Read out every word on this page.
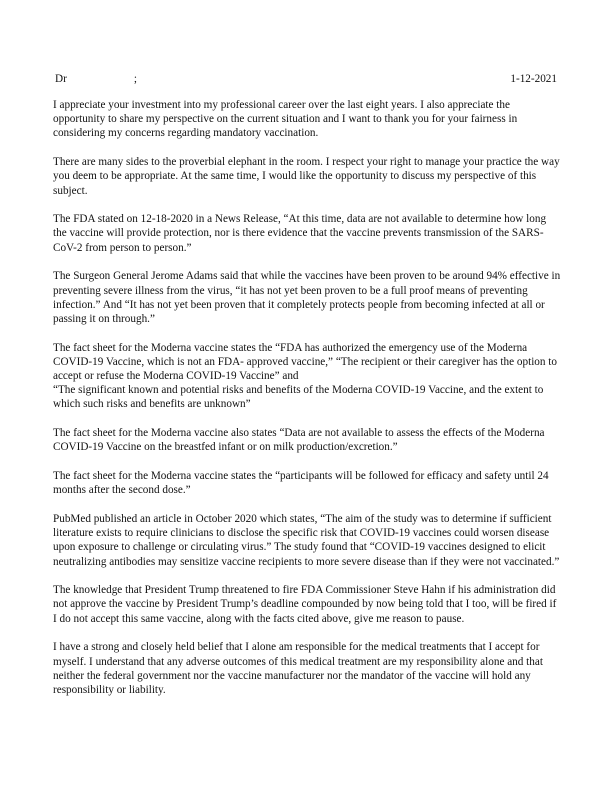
Dr                        ;	1-12-2021

I appreciate your investment into my professional career over the last eight years. I also appreciate the opportunity to share my perspective on the current situation and I want to thank you for your fairness in considering my concerns regarding mandatory vaccination.

There are many sides to the proverbial elephant in the room. I respect your right to manage your practice the way you deem to be appropriate. At the same time, I would like the opportunity to discuss my perspective of this subject.

The FDA stated on 12-18-2020 in a News Release, “At this time, data are not available to determine how long the vaccine will provide protection, nor is there evidence that the vaccine prevents transmission of the SARS-CoV-2 from person to person.”

The Surgeon General Jerome Adams said that while the vaccines have been proven to be around 94% effective in preventing severe illness from the virus, “it has not yet been proven to be a full proof means of preventing infection.” And “It has not yet been proven that it completely protects people from becoming infected at all or passing it on through.”

The fact sheet for the Moderna vaccine states the “FDA has authorized the emergency use of the Moderna COVID-19 Vaccine, which is not an FDA- approved vaccine,” “The recipient or their caregiver has the option to accept or refuse the Moderna COVID-19 Vaccine” and
“The significant known and potential risks and benefits of the Moderna COVID-19 Vaccine, and the extent to which such risks and benefits are unknown”

The fact sheet for the Moderna vaccine also states “Data are not available to assess the effects of the Moderna COVID-19 Vaccine on the breastfed infant or on milk production/excretion.”

The fact sheet for the Moderna vaccine states the “participants will be followed for efficacy and safety until 24 months after the second dose.”

PubMed published an article in October 2020 which states, “The aim of the study was to determine if sufficient literature exists to require clinicians to disclose the specific risk that COVID-19 vaccines could worsen disease upon exposure to challenge or circulating virus.” The study found that “COVID-19 vaccines designed to elicit neutralizing antibodies may sensitize vaccine recipients to more severe disease than if they were not vaccinated.”

The knowledge that President Trump threatened to fire FDA Commissioner Steve Hahn if his administration did not approve the vaccine by President Trump’s deadline compounded by now being told that I too, will be fired if I do not accept this same vaccine, along with the facts cited above, give me reason to pause.

I have a strong and closely held belief that I alone am responsible for the medical treatments that I accept for myself. I understand that any adverse outcomes of this medical treatment are my responsibility alone and that neither the federal government nor the vaccine manufacturer nor the mandator of the vaccine will hold any responsibility or liability.
